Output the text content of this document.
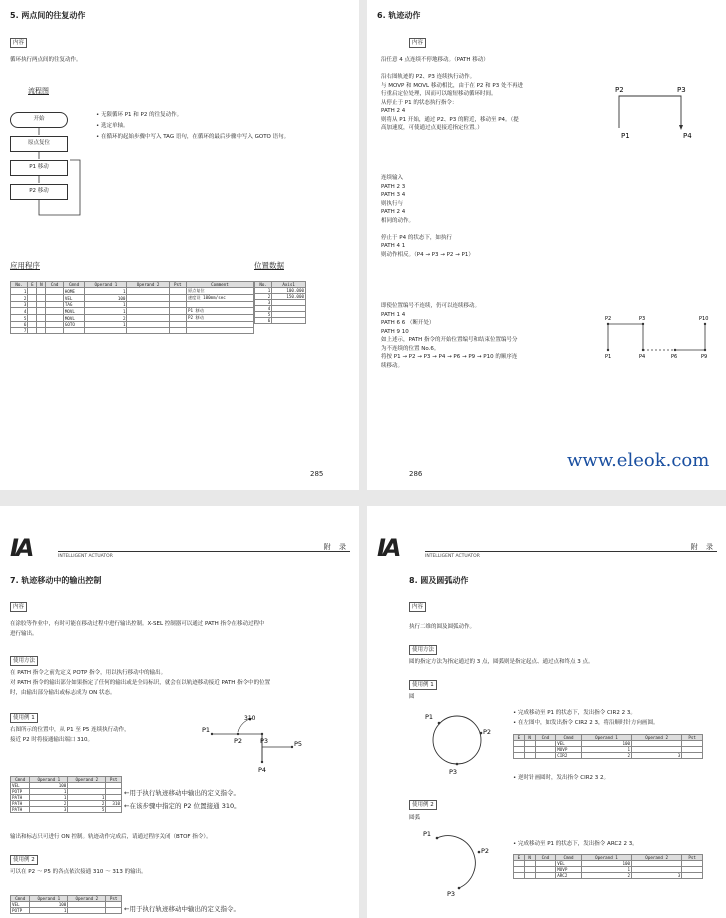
5. 两点间的往复动作
内容
循环执行两点间的往复动作。
流程图
开始
原点复位
P1 移动
P2 移动
• 无限循环 P1 和 P2 的往复动作。
• 选定单轴。
• 在循环的起始步骤中写入 TAG 语句，在循环的最后步骤中写入 GOTO 语句。
应用程序	位置数据
No.	E	N	Cnd	Cmnd	Operand 1	Operand 2	Pst	Comment
1				HOME	1			原点复位
2				VEL	100			速度设 100mm/sec
3				TAG	1			
4				MOVL	1			P1 移动
5				MOVL	2			P2 移动
6				GOTO	1			
7								
No.	Axis1
1	100.000
2	150.000
3	
4	
5	
6	
285
6. 轨迹动作
内容
沿任意 4 点连续不停地移动。（PATH 移动）
沿右图轨迹的 P2、P3 连续执行动作。
与 MOVP 和 MOVL 移动相比，由于在 P2 和 P3 处不再进
行重启定位处理，因而可以缩短移动循环时间。
从停止于 P1 的状态执行指令：
PATH 2 4
则将从 P1 开始，通过 P2、P3 的附近，移动至 P4。（提
高加速度，可使通过点更接近指定位置。）
连续输入
PATH 2 3
PATH 3 4
则执行与
PATH 2 4
相同的动作。
停止于 P4 的状态下，如执行
PATH 4 1
则动作相反。（P4 → P3 → P2 → P1）
即使位置编号不连续，仍可以连续移动。
PATH 1 4
PATH 6 6 （断开处）
PATH 9 10
如上述示，PATH 指令的开始位置编号和结束位置编号分
为不连续的位置 No.6。
将按 P1 → P2 → P3 → P4 → P6 → P9 → P10 的顺序连
续移动。
P2	P3
P1	P4
P2	P3	P10
P1	P4	P6	P9
www.eleok.com
286
IA	INTELLIGENT ACTUATOR
附 录
7. 轨迹移动中的输出控制
内容
在涂胶等作业中，有时可能在移动过程中进行输出控制。X-SEL 控制器可以通过 PATH 指令在移动过程中
进行输出。
使用方法
在 PATH 指令之前先定义 POTP 指令，用以执行移动中的输出。
对 PATH 指令的输出部分如果指定了任何的输出或是全局标识，就会在以轨迹移动接近 PATH 指令中的位置
时，由输出部分输出或标志成为 ON 状态。
使用例 1
右图所示的位置中，从 P1 至 P5 连续执行动作，
接近 P2 时将接通输出端口 310。
P1
P2	P3
P4
P5
310
Cmnd	Operand 1	Operand 2	Pst
VEL	100		
POTP	1		
PATH	1	1	
PATH	2	2	310
PATH	3	5	
←用于执行轨迹移动中输出的定义指令。
←在该步骤中指定的 P2 位置接通 310。
输出和标志只可进行 ON 控制。轨迹动作完成后，请通过程序关闭（BTOF 指令）。
使用例 2
可以在 P2 ～ P5 的各点依次接通 310 ～ 313 的输出。
Cmnd	Operand 1	Operand 2	Pst
VEL	100		
POTP	1			←用于执行轨迹移动中输出的定义指令。
IA	INTELLIGENT ACTUATOR
附 录
8. 圆及圆弧动作
内容
执行二维的圆及圆弧动作。
使用方法
圆的指定方法为指定通过的 3 点，圆弧则是指定起点、通过点和终点 3 点。
使用例 1
圆
P1
P2
P3
• 完成移动至 P1 的状态下，发出指令 CIR2 2 3。
• 在左图中，如发出指令 CIR2 2 3，将沿顺时针方向画圆。
E	N	Cnd	Cmnd	Operand 1	Operand 2	Pst
			VEL	100		
			MOVP	1		
			CIR2	2	3	
• 逆时针画圆时，发出指令 CIR2 3 2。
使用例 2
圆弧
P1
P2
P3
• 完成移动至 P1 的状态下，发出指令 ARC2 2 3。
E	N	Cnd	Cmnd	Operand 1	Operand 2	Pst
			VEL	100		
			MOVP	1		
			ARC2	2	3	
